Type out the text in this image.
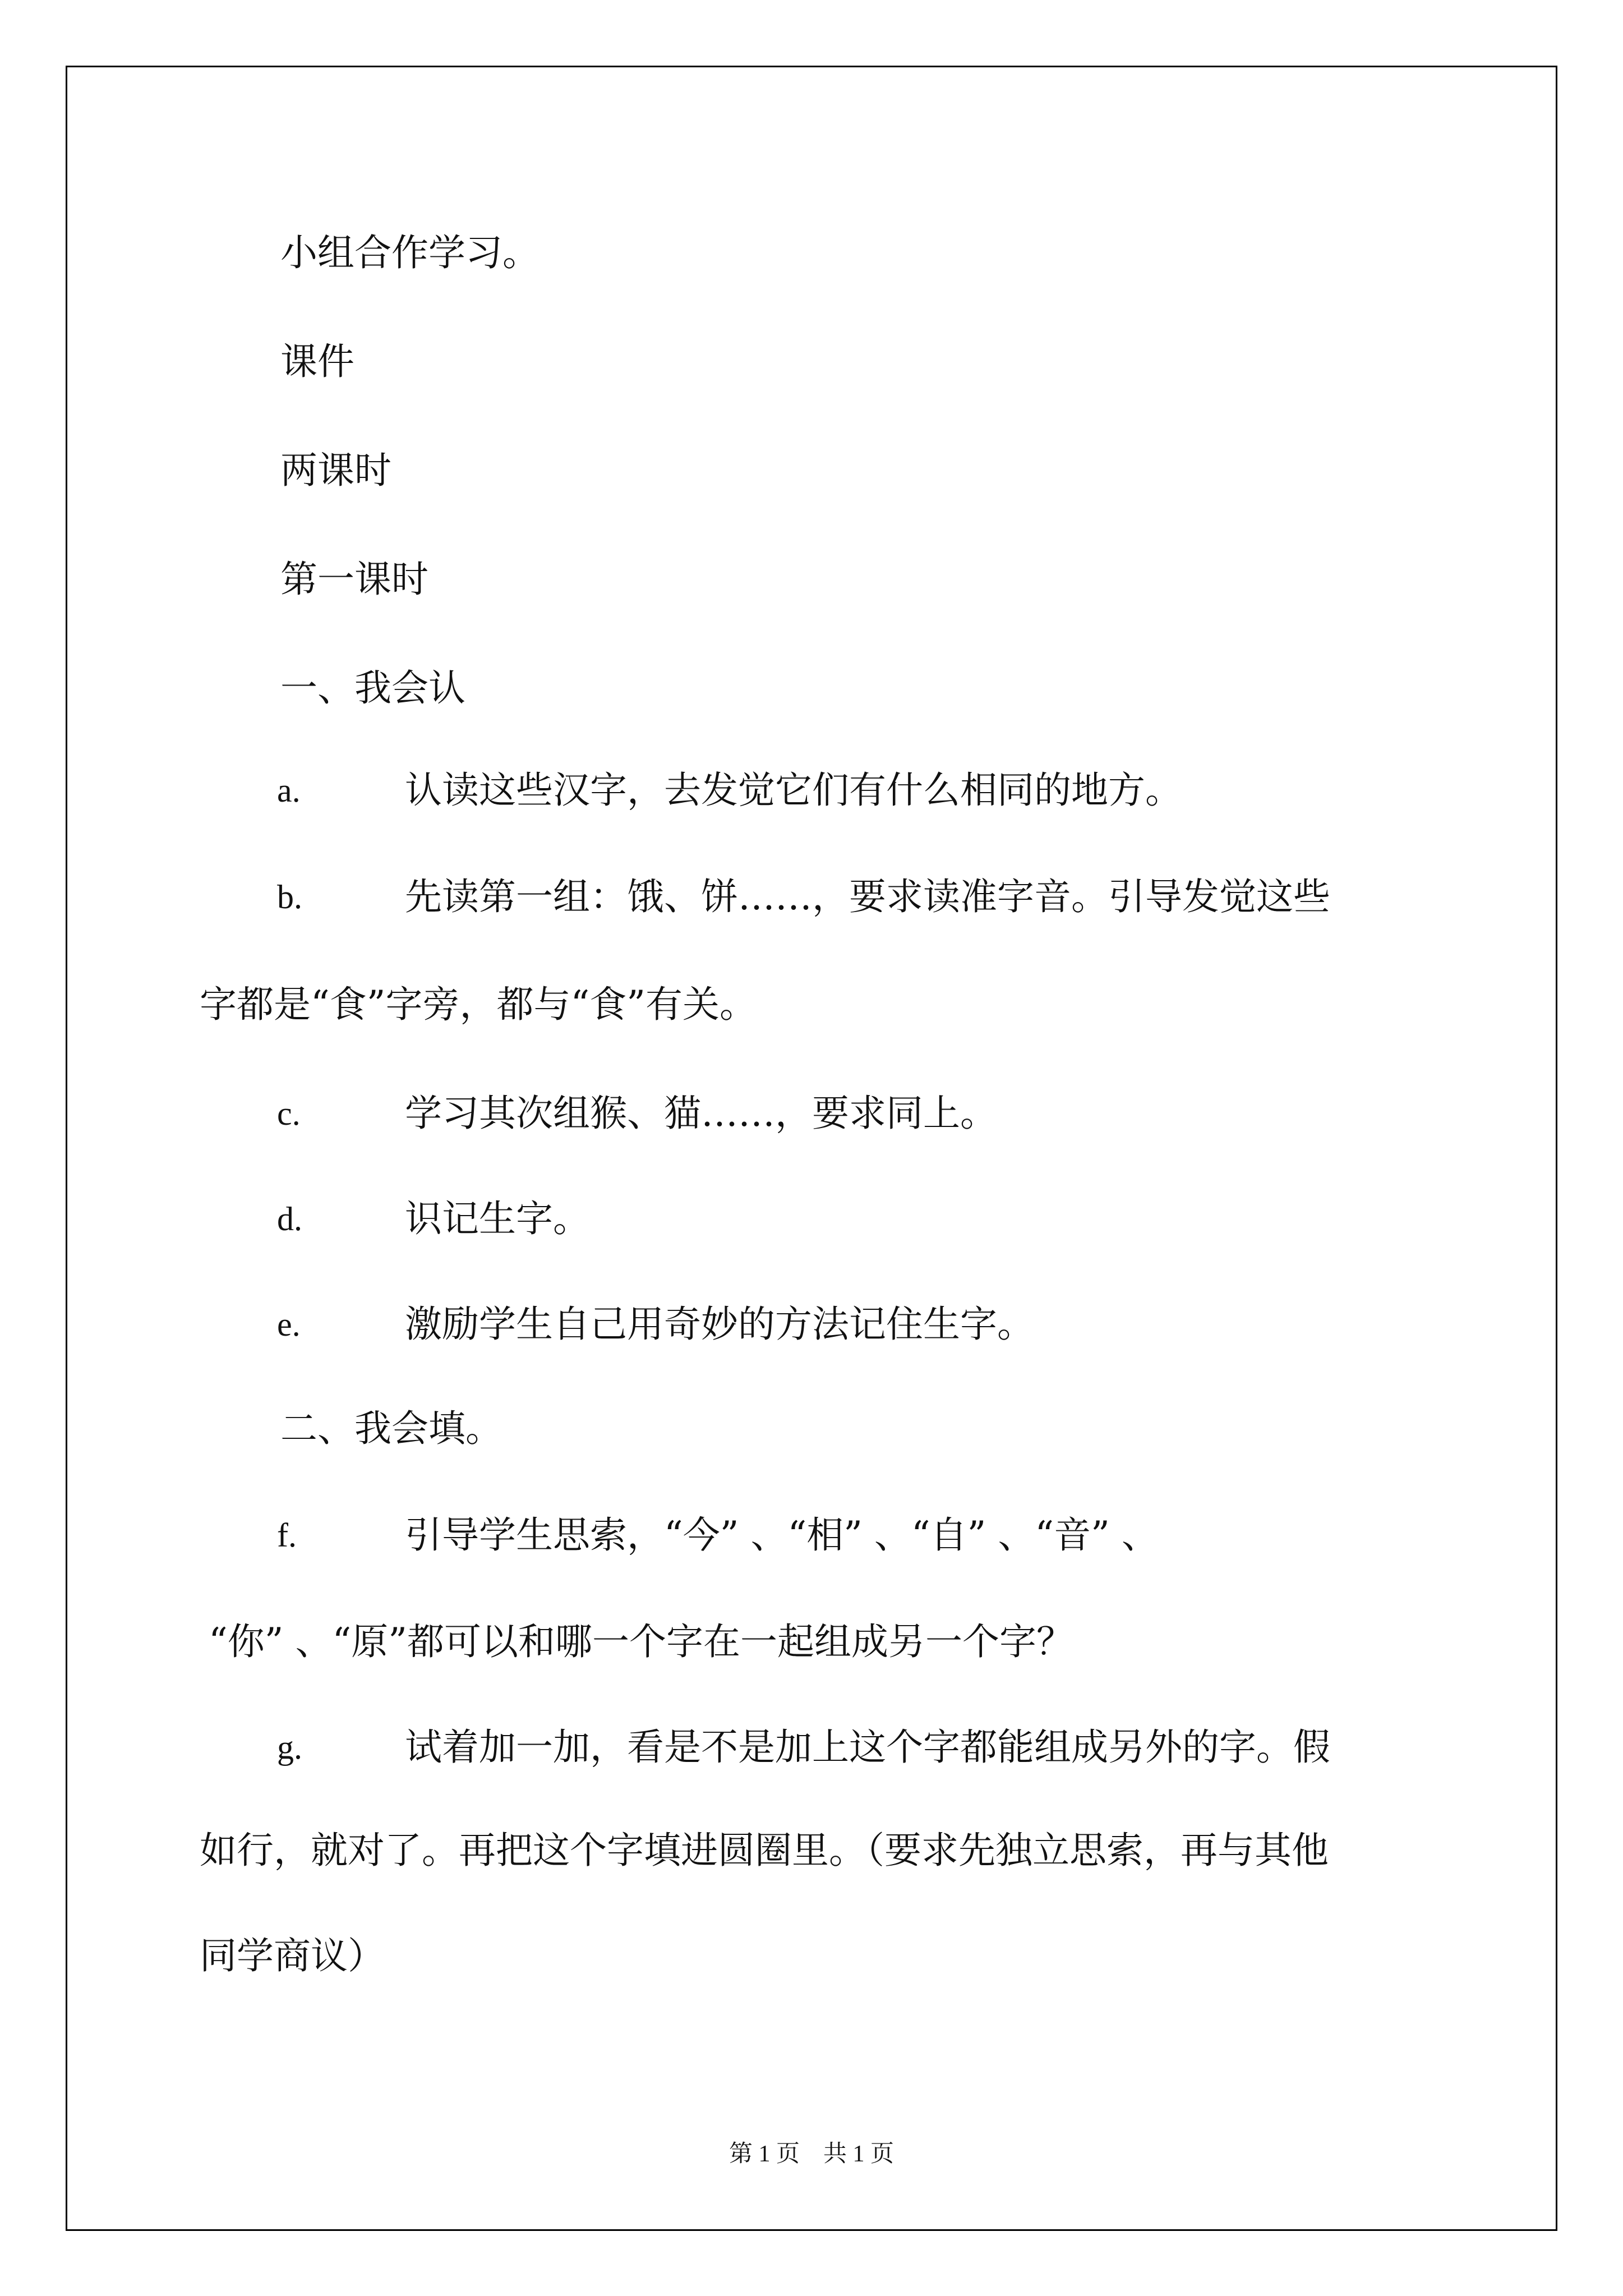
小组合作学习。
课件
两课时
第一课时
一、我会认
a.	认读这些汉字，去发觉它们有什么相同的地方。
b.	先读第一组：饿、饼……，要求读准字音。引导发觉这些
字都是“食”字旁，都与“食”有关。
c.	学习其次组猴、猫……，要求同上。
d.	识记生字。
e.	激励学生自己用奇妙的方法记住生字。
二、我会填。
f.	引导学生思索，“今” 、“相” 、“自” 、“音” 、
“你” 、“原”都可以和哪一个字在一起组成另一个字？
g.	试着加一加，看是不是加上这个字都能组成另外的字。假
如行，就对了。再把这个字填进圆圈里。（要求先独立思索，再与其他
同学商议）
第 1 页    共 1 页
